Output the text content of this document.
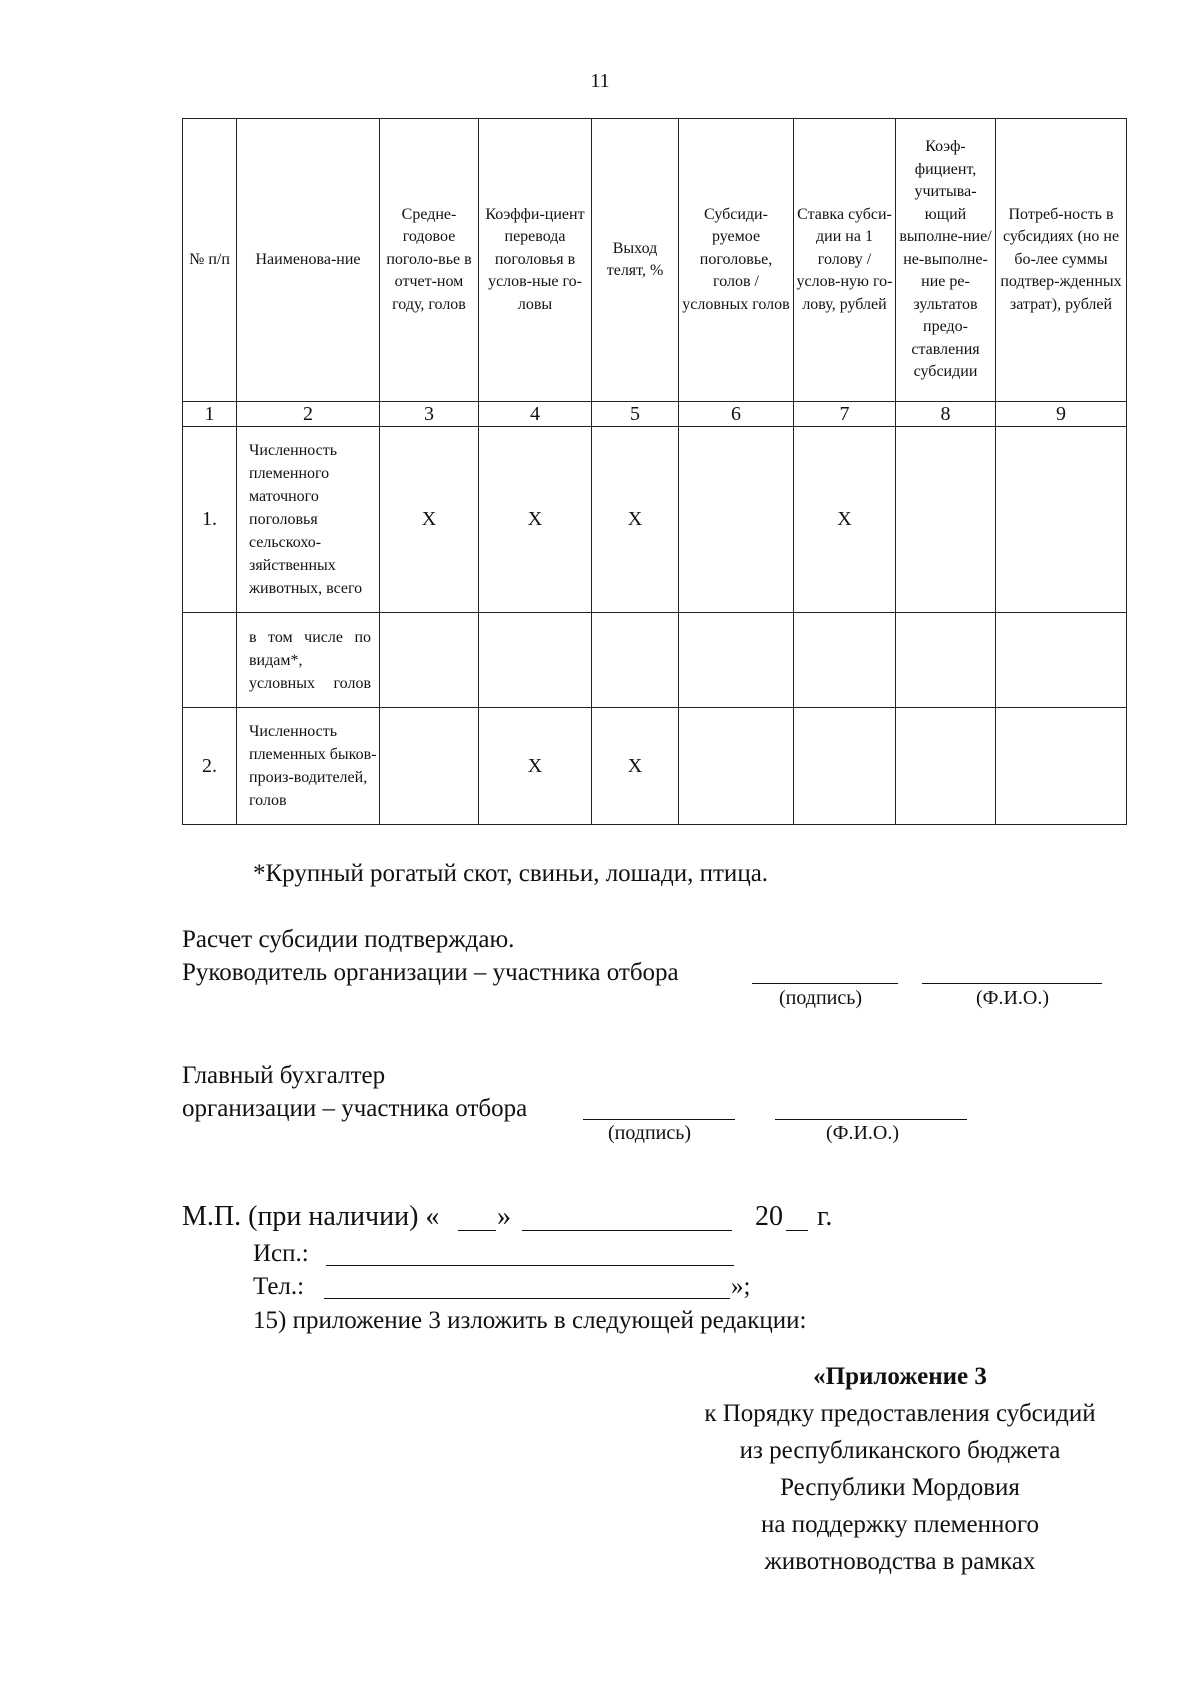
11
№ п/п	Наименова-ние	Средне-годовое поголо-вье в отчет-ном году, голов	Коэффи-циент перевода поголовья в услов-ные го-ловы	Выход телят, %	Субсиди-руемое поголовье, голов / условных голов	Ставка субси-дии на 1 голову / услов-ную го-лову, рублей	Коэф-фициент, учитыва-ющий выполне-ние/ не-выполне-ние ре-зультатов предо-ставления субсидии	Потреб-ность в субсидиях (но не бо-лее суммы подтвер-жденных затрат), рублей
1	2	3	4	5	6	7	8	9
1.	Численность племенного маточного поголовья сельскохо-зяйственных животных, всего	Х	Х	Х		Х		
	в том числе по видам*, условных голов							
2.	Численность племенных быков-произ-водителей, голов		Х	Х				
*Крупный рогатый скот, свиньи, лошади, птица.
Расчет субсидии подтверждаю.
Руководитель организации – участника отбора
(подпись)	(Ф.И.О.)
Главный бухгалтер
организации – участника отбора
(подпись)	(Ф.И.О.)
М.П. (при наличии) « »	20 г.
Исп.:
Тел.:	»;
15) приложение 3 изложить в следующей редакции:
«Приложение 3
к Порядку предоставления субсидий
из республиканского бюджета
Республики Мордовия
на поддержку племенного
животноводства в рамках
